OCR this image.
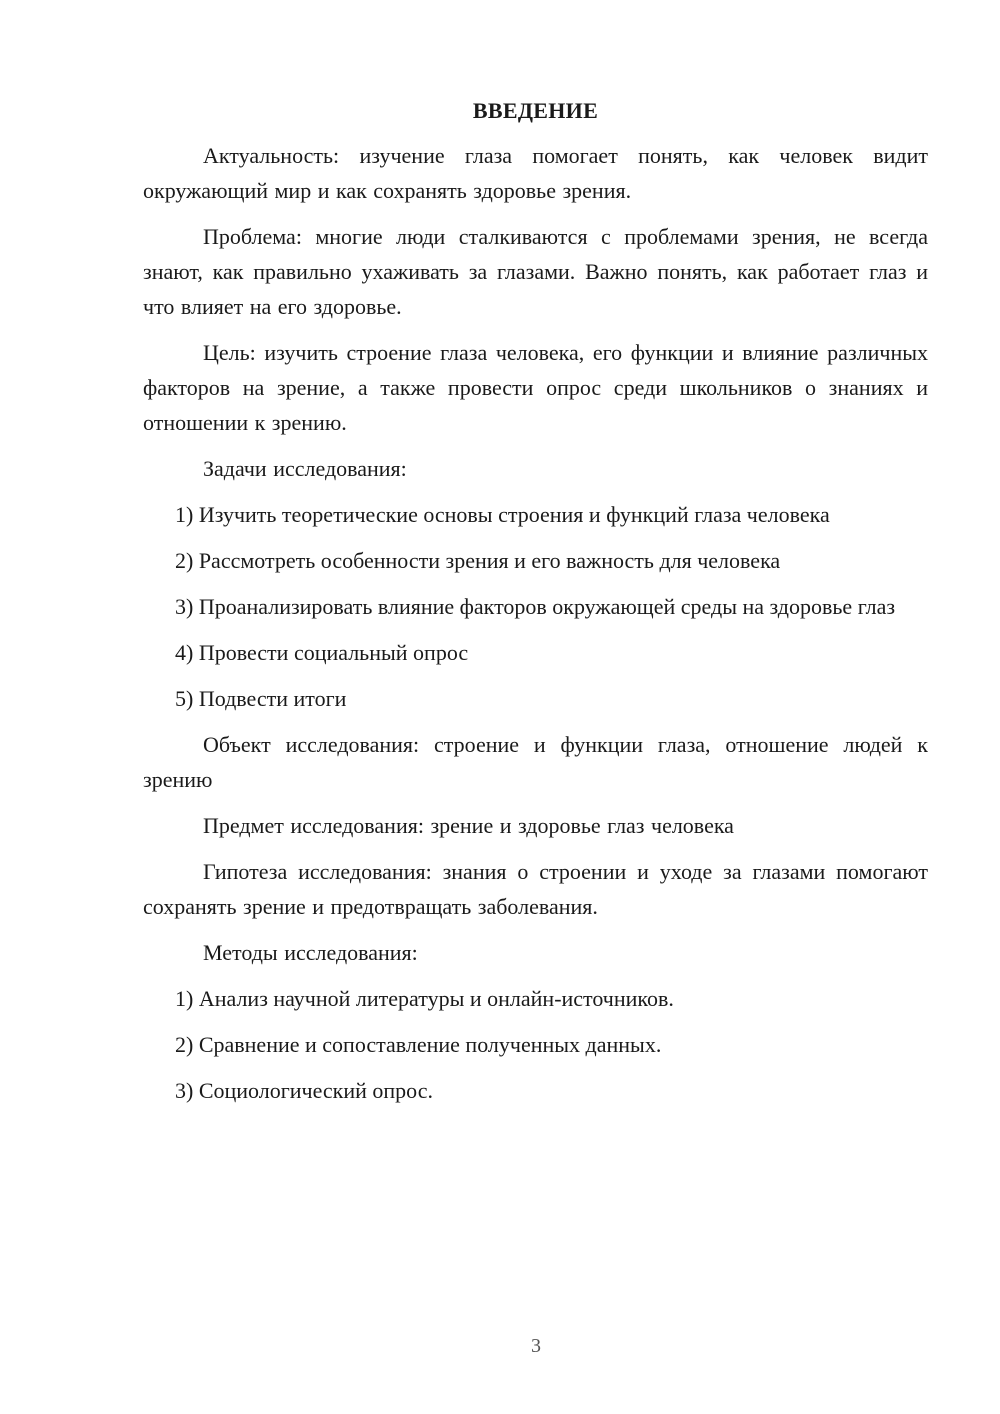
ВВЕДЕНИЕ
Актуальность: изучение глаза помогает понять, как человек видит окружающий мир и как сохранять здоровье зрения.
Проблема: многие люди сталкиваются с проблемами зрения, не всегда знают, как правильно ухаживать за глазами. Важно понять, как работает глаз и что влияет на его здоровье.
Цель: изучить строение глаза человека, его функции и влияние различных факторов на зрение, а также провести опрос среди школьников о знаниях и отношении к зрению.
Задачи исследования:
1) Изучить теоретические основы строения и функций глаза человека
2) Рассмотреть особенности зрения и его важность для человека
3) Проанализировать влияние факторов окружающей среды на здоровье глаз
4) Провести социальный опрос
5) Подвести итоги
Объект исследования: строение и функции глаза, отношение людей к зрению
Предмет исследования: зрение и здоровье глаз человека
Гипотеза исследования: знания о строении и уходе за глазами помогают сохранять зрение и предотвращать заболевания.
Методы исследования:
1) Анализ научной литературы и онлайн-источников.
2) Сравнение и сопоставление полученных данных.
3) Социологический опрос.
3
